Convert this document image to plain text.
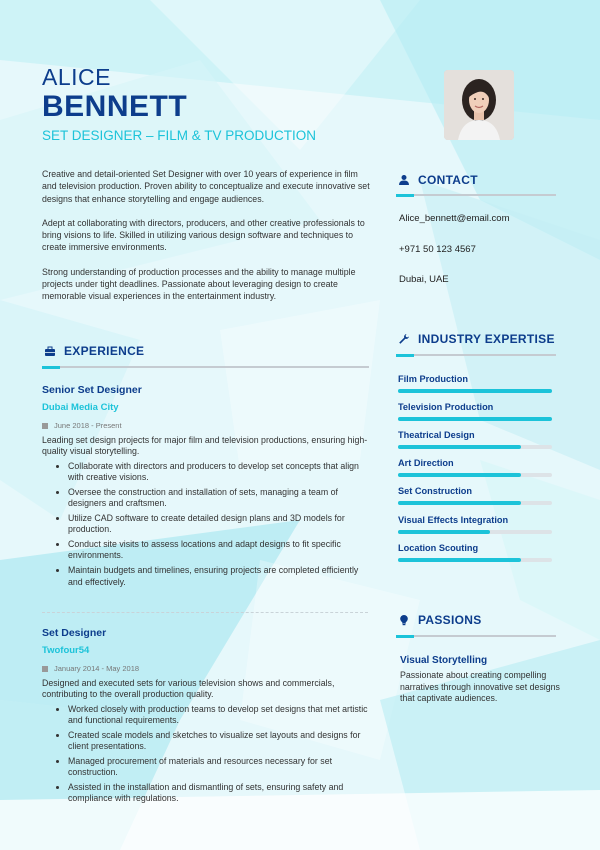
ALICE
BENNETT
SET DESIGNER – FILM & TV PRODUCTION

Creative and detail-oriented Set Designer with over 10 years of experience in film and television production. Proven ability to conceptualize and execute innovative set designs that enhance storytelling and engage audiences.

Adept at collaborating with directors, producers, and other creative professionals to bring visions to life. Skilled in utilizing various design software and techniques to create immersive environments.

Strong understanding of production processes and the ability to manage multiple projects under tight deadlines. Passionate about leveraging design to create memorable visual experiences in the entertainment industry.

CONTACT
Alice_bennett@email.com
+971 50 123 4567
Dubai, UAE
EXPERIENCE
Senior Set Designer
Dubai Media City
June 2018 - Present
Leading set design projects for major film and television productions, ensuring high-quality visual storytelling.
• Collaborate with directors and producers to develop set concepts that align with creative visions.
• Oversee the construction and installation of sets, managing a team of designers and craftsmen.
• Utilize CAD software to create detailed design plans and 3D models for production.
• Conduct site visits to assess locations and adapt designs to fit specific environments.
• Maintain budgets and timelines, ensuring projects are completed efficiently and effectively.
Set Designer
Twofour54
January 2014 - May 2018
Designed and executed sets for various television shows and commercials, contributing to the overall production quality.
• Worked closely with production teams to develop set designs that met artistic and functional requirements.
• Created scale models and sketches to visualize set layouts and designs for client presentations.
• Managed procurement of materials and resources necessary for set construction.
• Assisted in the installation and dismantling of sets, ensuring safety and compliance with regulations.
INDUSTRY EXPERTISE
Film Production
Television Production
Theatrical Design
Art Direction
Set Construction
Visual Effects Integration
Location Scouting
PASSIONS
Visual Storytelling
Passionate about creating compelling narratives through innovative set designs that captivate audiences.
